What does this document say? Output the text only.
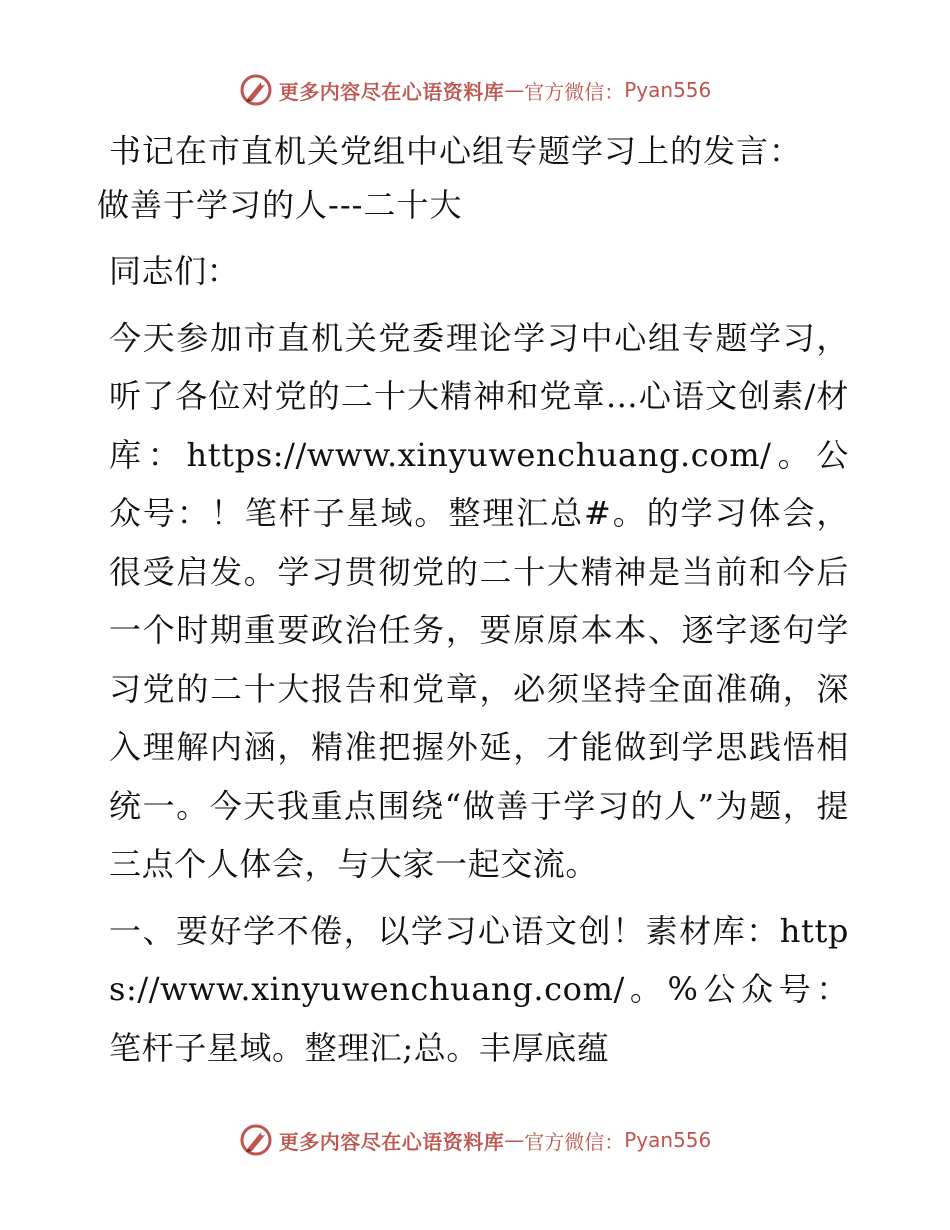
更多内容尽在心语资料库 — 官方微信： Pyan556
书记在市直机关党组中心组专题学习上的发言：
做善于学习的人---二十大

同志们：

今天参加市直机关党委理论学习中心组专题学习，听了各位对党的二十大精神和党章…心语文创素/材库：https://www.xinyuwenchuang.com/。公众号：！笔杆子星域。整理汇总#。的学习体会，很受启发。学习贯彻党的二十大精神是当前和今后一个时期重要政治任务，要原原本本、逐字逐句学习党的二十大报告和党章，必须坚持全面准确，深入理解内涵，精准把握外延，才能做到学思践悟相统一。今天我重点围绕“做善于学习的人”为题，提三点个人体会，与大家一起交流。

一、要好学不倦，以学习心语文创！素材库：https://www.xinyuwenchuang.com/。%公众号：笔杆子星域。整理汇;总。丰厚底蕴

更多内容尽在心语资料库 — 官方微信： Pyan556
